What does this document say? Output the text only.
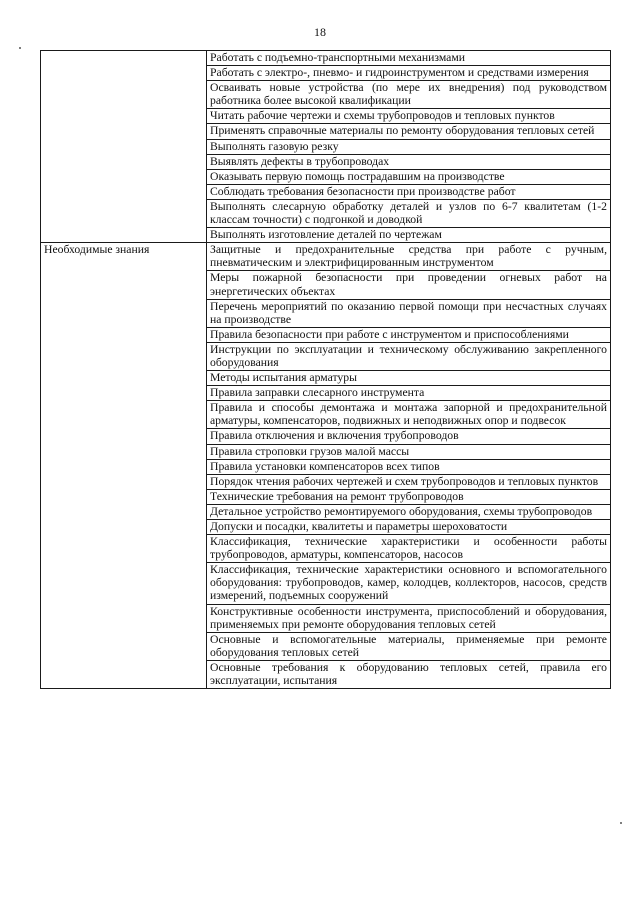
18
	Работать с подъемно-транспортными механизмами
	Работать с электро-, пневмо- и гидроинструментом и средствами измерения
	Осваивать новые устройства (по мере их внедрения) под руководством работника более высокой квалификации
	Читать рабочие чертежи и схемы трубопроводов и тепловых пунктов
	Применять справочные материалы по ремонту оборудования тепловых сетей
	Выполнять газовую резку
	Выявлять дефекты в трубопроводах
	Оказывать первую помощь пострадавшим на производстве
	Соблюдать требования безопасности при производстве работ
	Выполнять слесарную обработку деталей и узлов по 6-7 квалитетам (1-2 классам точности) с подгонкой и доводкой
	Выполнять изготовление деталей по чертежам
Необходимые знания	Защитные и предохранительные средства при работе с ручным, пневматическим и электрифицированным инструментом
	Меры пожарной безопасности при проведении огневых работ на энергетических объектах
	Перечень мероприятий по оказанию первой помощи при несчастных случаях на производстве
	Правила безопасности при работе с инструментом и приспособлениями
	Инструкции по эксплуатации и техническому обслуживанию закрепленного оборудования
	Методы испытания арматуры
	Правила заправки слесарного инструмента
	Правила и способы демонтажа и монтажа запорной и предохранительной арматуры, компенсаторов, подвижных и неподвижных опор и подвесок
	Правила отключения и включения трубопроводов
	Правила строповки грузов малой массы
	Правила установки компенсаторов всех типов
	Порядок чтения рабочих чертежей и схем трубопроводов и тепловых пунктов
	Технические требования на ремонт трубопроводов
	Детальное устройство ремонтируемого оборудования, схемы трубопроводов
	Допуски и посадки, квалитеты и параметры шероховатости
	Классификация, технические характеристики и особенности работы трубопроводов, арматуры, компенсаторов, насосов
	Классификация, технические характеристики основного и вспомогательного оборудования: трубопроводов, камер, колодцев, коллекторов, насосов, средств измерений, подъемных сооружений
	Конструктивные особенности инструмента, приспособлений и оборудования, применяемых при ремонте оборудования тепловых сетей
	Основные и вспомогательные материалы, применяемые при ремонте оборудования тепловых сетей
	Основные требования к оборудованию тепловых сетей, правила его эксплуатации, испытания
